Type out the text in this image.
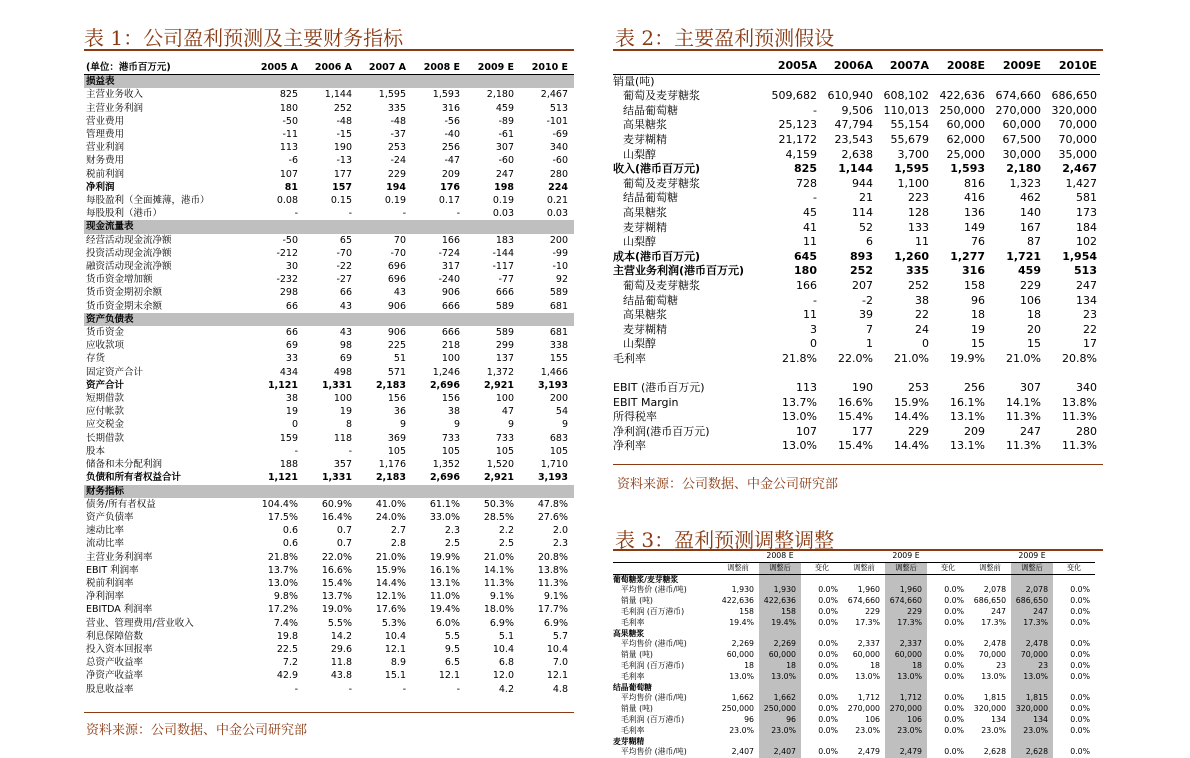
表 1：公司盈利预测及主要财务指标
(单位：港币百万元)	2005 A	2006 A	2007 A	2008 E	2009 E	2010 E
损益表						
主营业务收入	825	1,144	1,595	1,593	2,180	2,467
主营业务利润	180	252	335	316	459	513
营业费用	-50	-48	-48	-56	-89	-101
管理费用	-11	-15	-37	-40	-61	-69
营业利润	113	190	253	256	307	340
财务费用	-6	-13	-24	-47	-60	-60
税前利润	107	177	229	209	247	280
净利润	81	157	194	176	198	224
每股盈利（全面摊薄，港币）	0.08	0.15	0.19	0.17	0.19	0.21
每股股利（港币）	-	-	-	-	0.03	0.03
现金流量表						
经营活动现金流净额	-50	65	70	166	183	200
投资活动现金流净额	-212	-70	-70	-724	-144	-99
融资活动现金流净额	30	-22	696	317	-117	-10
货币资金增加额	-232	-27	696	-240	-77	92
货币资金期初余额	298	66	43	906	666	589
货币资金期末余额	66	43	906	666	589	681
资产负债表						
货币资金	66	43	906	666	589	681
应收款项	69	98	225	218	299	338
存货	33	69	51	100	137	155
固定资产合计	434	498	571	1,246	1,372	1,466
资产合计	1,121	1,331	2,183	2,696	2,921	3,193
短期借款	38	100	156	156	100	200
应付帐款	19	19	36	38	47	54
应交税金	0	8	9	9	9	9
长期借款	159	118	369	733	733	683
股本	-	-	105	105	105	105
储备和未分配利润	188	357	1,176	1,352	1,520	1,710
负债和所有者权益合计	1,121	1,331	2,183	2,696	2,921	3,193
财务指标						
债务/所有者权益	104.4%	60.9%	41.0%	61.1%	50.3%	47.8%
资产负债率	17.5%	16.4%	24.0%	33.0%	28.5%	27.6%
速动比率	0.6	0.7	2.7	2.3	2.2	2.0
流动比率	0.6	0.7	2.8	2.5	2.5	2.3
主营业务利润率	21.8%	22.0%	21.0%	19.9%	21.0%	20.8%
EBIT 利润率	13.7%	16.6%	15.9%	16.1%	14.1%	13.8%
税前利润率	13.0%	15.4%	14.4%	13.1%	11.3%	11.3%
净利润率	9.8%	13.7%	12.1%	11.0%	9.1%	9.1%
EBITDA 利润率	17.2%	19.0%	17.6%	19.4%	18.0%	17.7%
营业、管理费用/营业收入	7.4%	5.5%	5.3%	6.0%	6.9%	6.9%
利息保障倍数	19.8	14.2	10.4	5.5	5.1	5.7
投入资本回报率	22.5	29.6	12.1	9.5	10.4	10.4
总资产收益率	7.2	11.8	8.9	6.5	6.8	7.0
净资产收益率	42.9	43.8	15.1	12.1	12.0	12.1
股息收益率	-	-	-	-	4.2	4.8
资料来源：公司数据、中金公司研究部
表 2：主要盈利预测假设
	2005A	2006A	2007A	2008E	2009E	2010E
销量(吨)						
葡萄及麦芽糖浆	509,682	610,940	608,102	422,636	674,660	686,650
结晶葡萄糖	-	9,506	110,013	250,000	270,000	320,000
高果糖浆	25,123	47,794	55,154	60,000	60,000	70,000
麦芽糊精	21,172	23,543	55,679	62,000	67,500	70,000
山梨醇	4,159	2,638	3,700	25,000	30,000	35,000
收入(港币百万元)	825	1,144	1,595	1,593	2,180	2,467
葡萄及麦芽糖浆	728	944	1,100	816	1,323	1,427
结晶葡萄糖	-	21	223	416	462	581
高果糖浆	45	114	128	136	140	173
麦芽糊精	41	52	133	149	167	184
山梨醇	11	6	11	76	87	102
成本(港币百万元)	645	893	1,260	1,277	1,721	1,954
主营业务利润(港币百万元)	180	252	335	316	459	513
葡萄及麦芽糖浆	166	207	252	158	229	247
结晶葡萄糖	-	-2	38	96	106	134
高果糖浆	11	39	22	18	18	23
麦芽糊精	3	7	24	19	20	22
山梨醇	0	1	0	15	15	17
毛利率	21.8%	22.0%	21.0%	19.9%	21.0%	20.8%

EBIT (港币百万元)	113	190	253	256	307	340
EBIT Margin	13.7%	16.6%	15.9%	16.1%	14.1%	13.8%
所得税率	13.0%	15.4%	14.4%	13.1%	11.3%	11.3%
净利润(港币百万元)	107	177	229	209	247	280
净利率	13.0%	15.4%	14.4%	13.1%	11.3%	11.3%
资料来源：公司数据、中金公司研究部
表 3：盈利预测调整调整
	2008 E			2009 E			2009 E		
	调整前	调整后	变化	调整前	调整后	变化	调整前	调整后	变化
葡萄糖浆/麦芽糖浆									
平均售价 (港币/吨)	1,930	1,930	0.0%	1,960	1,960	0.0%	2,078	2,078	0.0%
销量 (吨)	422,636	422,636	0.0%	674,660	674,660	0.0%	686,650	686,650	0.0%
毛利润 (百万港币)	158	158	0.0%	229	229	0.0%	247	247	0.0%
毛利率	19.4%	19.4%	0.0%	17.3%	17.3%	0.0%	17.3%	17.3%	0.0%
高果糖浆									
平均售价 (港币/吨)	2,269	2,269	0.0%	2,337	2,337	0.0%	2,478	2,478	0.0%
销量 (吨)	60,000	60,000	0.0%	60,000	60,000	0.0%	70,000	70,000	0.0%
毛利润 (百万港币)	18	18	0.0%	18	18	0.0%	23	23	0.0%
毛利率	13.0%	13.0%	0.0%	13.0%	13.0%	0.0%	13.0%	13.0%	0.0%
结晶葡萄糖									
平均售价 (港币/吨)	1,662	1,662	0.0%	1,712	1,712	0.0%	1,815	1,815	0.0%
销量 (吨)	250,000	250,000	0.0%	270,000	270,000	0.0%	320,000	320,000	0.0%
毛利润 (百万港币)	96	96	0.0%	106	106	0.0%	134	134	0.0%
毛利率	23.0%	23.0%	0.0%	23.0%	23.0%	0.0%	23.0%	23.0%	0.0%
麦芽糊精									
平均售价 (港币/吨)	2,407	2,407	0.0%	2,479	2,479	0.0%	2,628	2,628	0.0%
